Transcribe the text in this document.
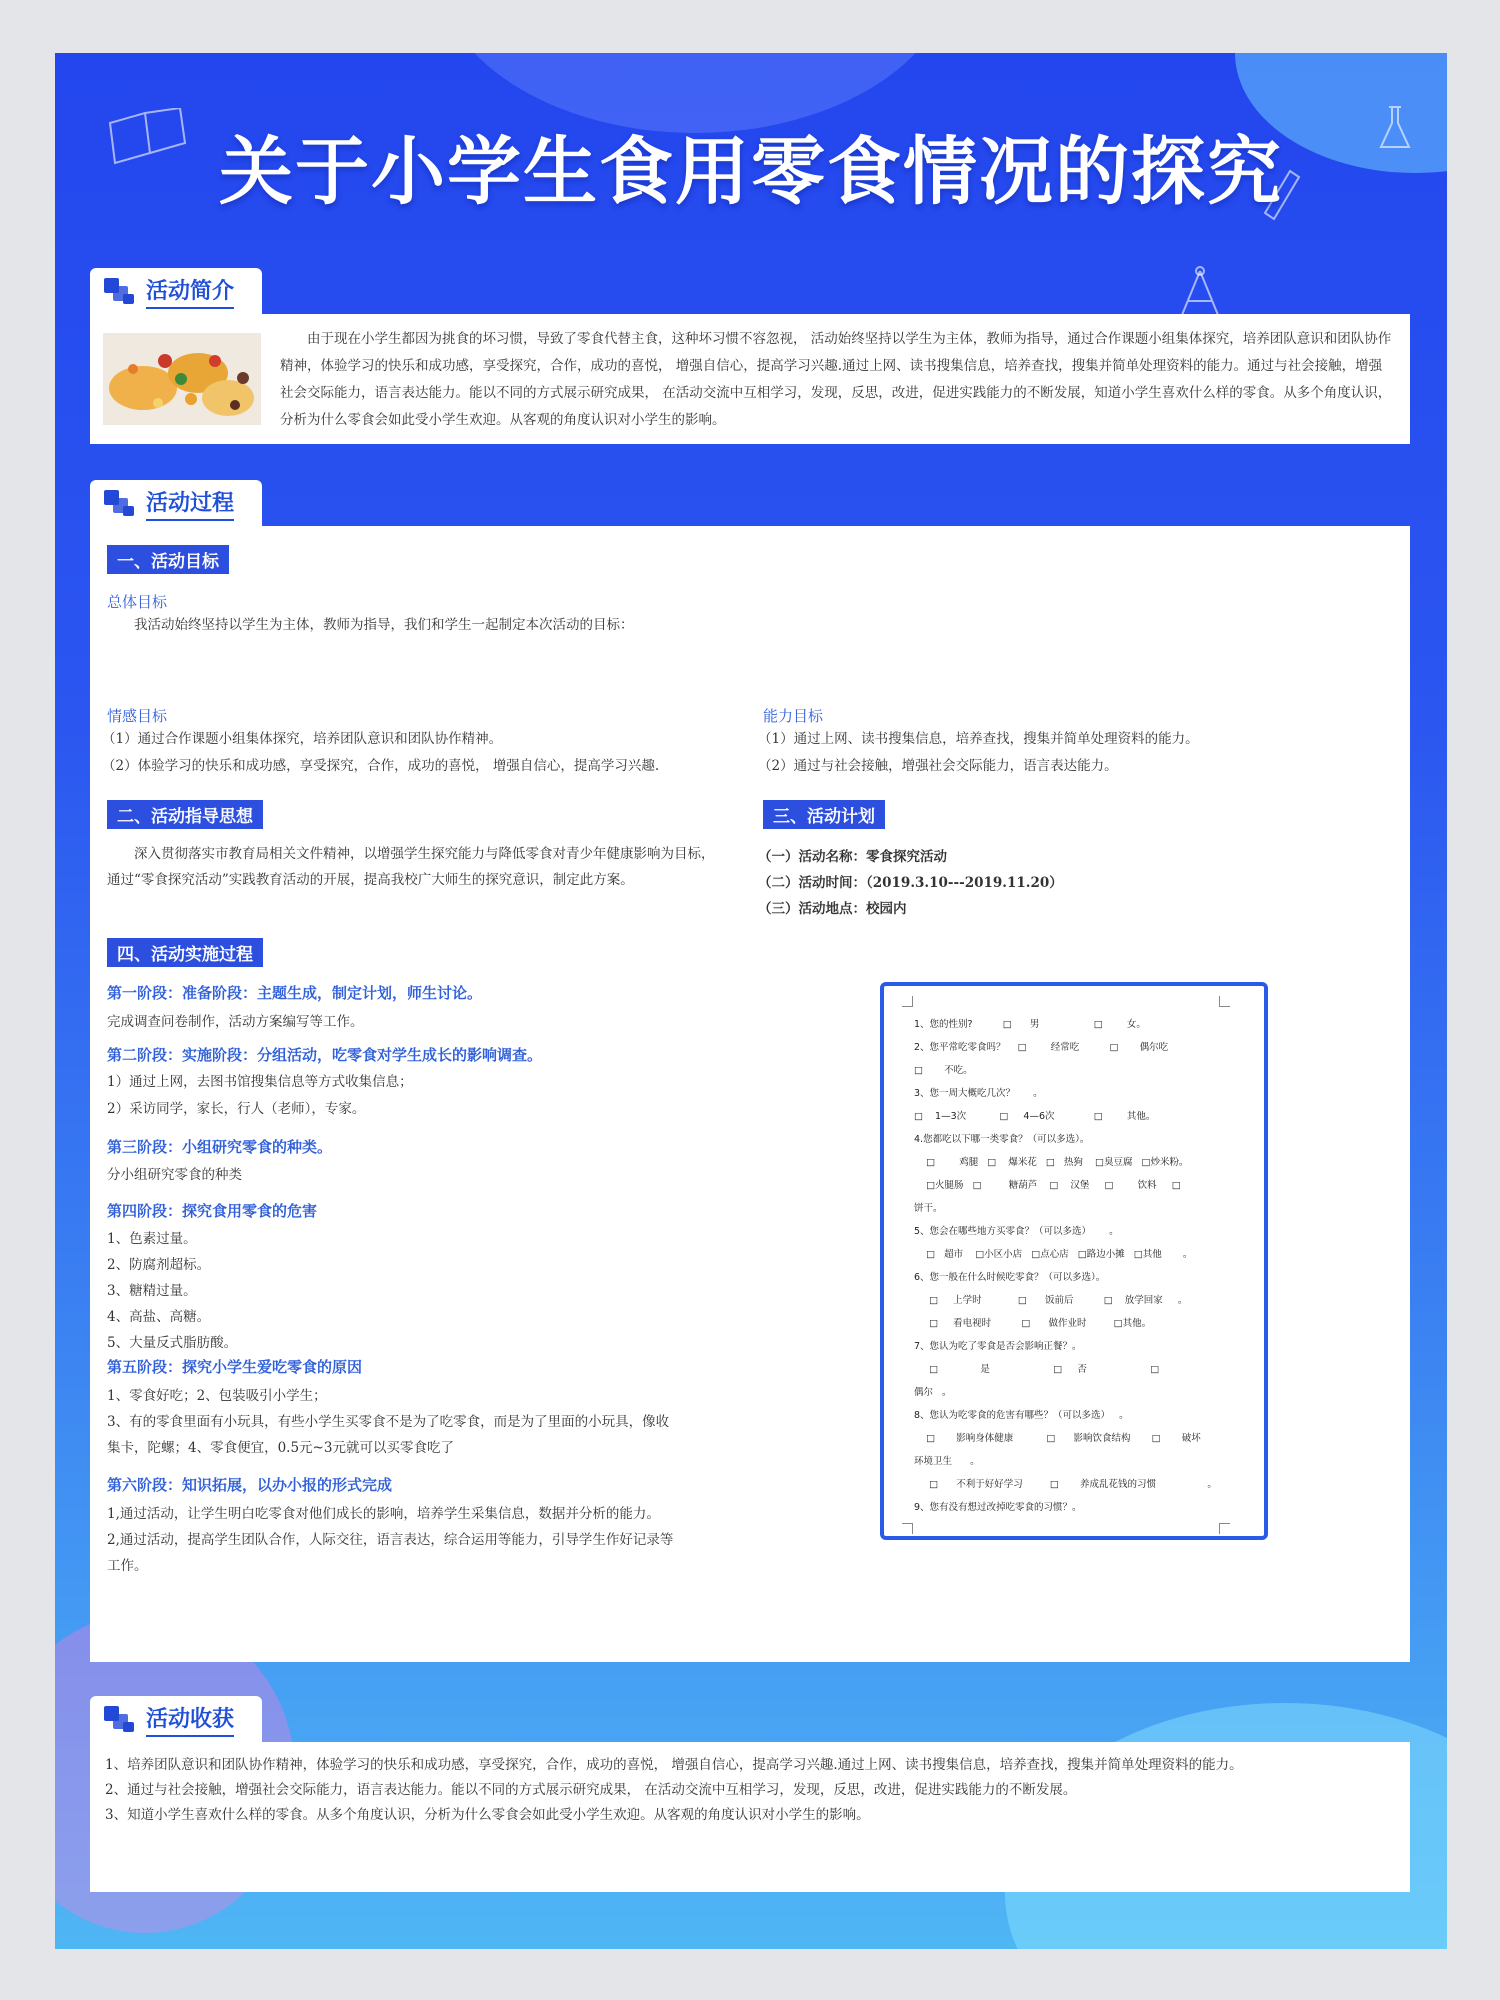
关于小学生食用零食情况的探究
活动简介
由于现在小学生都因为挑食的坏习惯，导致了零食代替主食，这种坏习惯不容忽视， 活动始终坚持以学生为主体，教师为指导，通过合作课题小组集体探究，培养团队意识和团队协作精神，体验学习的快乐和成功感，享受探究，合作，成功的喜悦， 增强自信心，提高学习兴趣.通过上网、读书搜集信息，培养查找，搜集并简单处理资料的能力。通过与社会接触，增强社会交际能力，语言表达能力。能以不同的方式展示研究成果， 在活动交流中互相学习，发现，反思，改进，促进实践能力的不断发展，知道小学生喜欢什么样的零食。从多个角度认识，分析为什么零食会如此受小学生欢迎。从客观的角度认识对小学生的影响。
活动过程
一、活动目标
总体目标
我活动始终坚持以学生为主体，教师为指导，我们和学生一起制定本次活动的目标：
情感目标
（1）通过合作课题小组集体探究，培养团队意识和团队协作精神。
（2）体验学习的快乐和成功感，享受探究，合作，成功的喜悦， 增强自信心，提高学习兴趣.
能力目标
（1）通过上网、读书搜集信息，培养查找，搜集并简单处理资料的能力。
（2）通过与社会接触，增强社会交际能力，语言表达能力。
二、活动指导思想
深入贯彻落实市教育局相关文件精神，以增强学生探究能力与降低零食对青少年健康影响为目标，通过“零食探究活动”实践教育活动的开展，提高我校广大师生的探究意识，制定此方案。
三、活动计划
（一）活动名称：零食探究活动
（二）活动时间：（2019.3.10---2019.11.20）
（三）活动地点：校园内
四、活动实施过程
第一阶段：准备阶段：主题生成，制定计划，师生讨论。
完成调查问卷制作，活动方案编写等工作。
第二阶段：实施阶段：分组活动，吃零食对学生成长的影响调查。
1）通过上网，去图书馆搜集信息等方式收集信息；
2）采访同学，家长，行人（老师），专家。
第三阶段：小组研究零食的种类。
分小组研究零食的种类
第四阶段：探究食用零食的危害
1、色素过量。
2、防腐剂超标。
3、糖精过量。
4、高盐、高糖。
5、大量反式脂肪酸。
第五阶段：探究小学生爱吃零食的原因
1、零食好吃；2、包装吸引小学生；
3、有的零食里面有小玩具，有些小学生买零食不是为了吃零食，而是为了里面的小玩具，像收
集卡，陀螺；4、零食便宜，0.5元~3元就可以买零食吃了
第六阶段：知识拓展，以办小报的形式完成
1,通过活动，让学生明白吃零食对他们成长的影响，培养学生采集信息，数据并分析的能力。
2,通过活动，提高学生团队合作，人际交往，语言表达，综合运用等能力，引导学生作好记录等
工作。
1、您的性别?          □      男                  □        女。
2、您平常吃零食吗？    □        经常吃          □       偶尔吃
□       不吃。
3、您一周大概吃几次？      。
□    1—3次           □     4—6次             □        其他。
4.您都吃以下哪一类零食？（可以多选）。
□        鸡腿   □    爆米花   □   热狗    □臭豆腐   □炒米粉。
□火腿肠   □         糖葫芦    □    汉堡     □        饮料     □
饼干。
5、您会在哪些地方买零食？（可以多选）      。
□   超市    □小区小店   □点心店   □路边小摊   □其他       。
6、您一般在什么时候吃零食？（可以多选）。
□     上学时            □      饭前后          □    放学回家     。
□     看电视时          □      做作业时         □其他。
7、您认为吃了零食是否会影响正餐？。
□              是                     □     否                     □
偶尔   。
8、您认为吃零食的危害有哪些？（可以多选）   。
□       影响身体健康           □      影响饮食结构       □       破坏
环境卫生      。
□      不利于好好学习         □       养成乱花钱的习惯                 。
9、您有没有想过改掉吃零食的习惯？。
活动收获
1、培养团队意识和团队协作精神，体验学习的快乐和成功感，享受探究，合作，成功的喜悦， 增强自信心，提高学习兴趣.通过上网、读书搜集信息，培养查找，搜集并简单处理资料的能力。
2、通过与社会接触，增强社会交际能力，语言表达能力。能以不同的方式展示研究成果， 在活动交流中互相学习，发现，反思，改进，促进实践能力的不断发展。
3、知道小学生喜欢什么样的零食。从多个角度认识，分析为什么零食会如此受小学生欢迎。从客观的角度认识对小学生的影响。
